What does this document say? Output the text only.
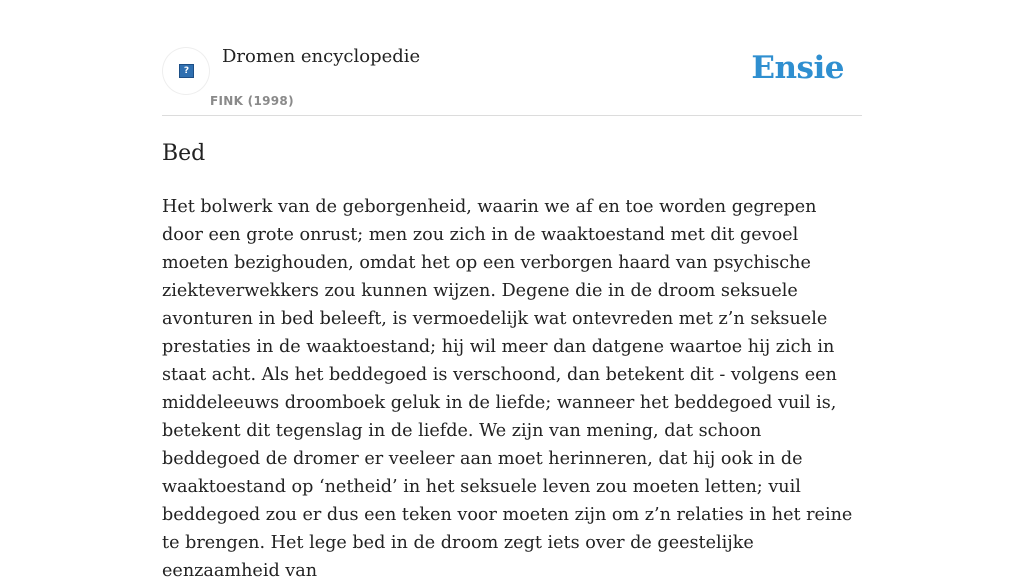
?
Dromen encyclopedie
FINK (1998)
Ensie
Bed

Het bolwerk van de geborgenheid, waarin we af en toe worden gegrepen door een grote onrust; men zou zich in de waaktoestand met dit gevoel moeten bezighouden, omdat het op een verborgen haard van psychische ziekteverwekkers zou kunnen wijzen. Degene die in de droom seksuele avonturen in bed beleeft, is vermoedelijk wat ontevreden met z’n seksuele prestaties in de waaktoestand; hij wil meer dan datgene waartoe hij zich in staat acht. Als het beddegoed is verschoond, dan betekent dit - volgens een middeleeuws droomboek geluk in de liefde; wanneer het beddegoed vuil is, betekent dit tegenslag in de liefde. We zijn van mening, dat schoon beddegoed de dromer er veeleer aan moet herinneren, dat hij ook in de waaktoestand op ‘netheid’ in het seksuele leven zou moeten letten; vuil beddegoed zou er dus een teken voor moeten zijn om z’n relaties in het reine te brengen. Het lege bed in de droom zegt iets over de geestelijke eenzaamheid van
